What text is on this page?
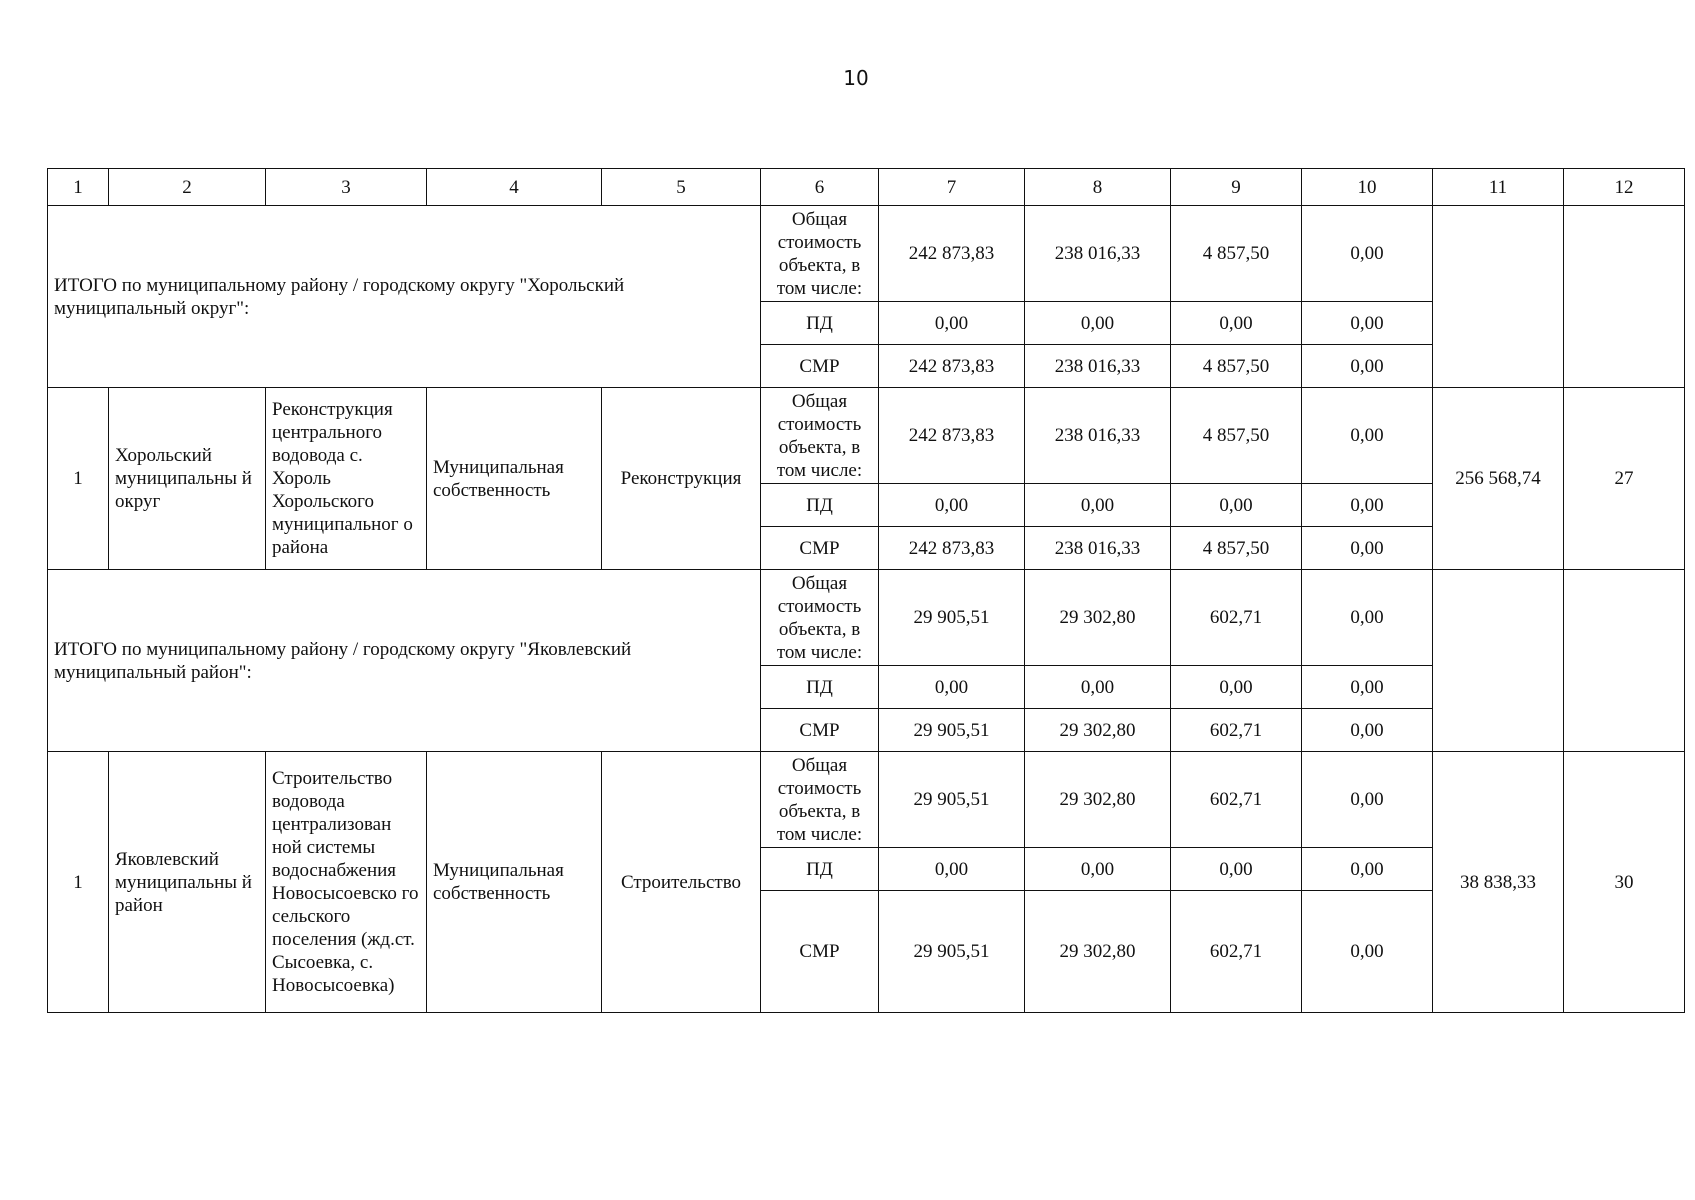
10
1	2	3	4	5	6	7	8	9	10	11	12
ИТОГО по муниципальному району / городскому округу "Хорольский муниципальный округ":					Общая стоимость объекта, в том числе:	242 873,83	238 016,33	4 857,50	0,00		
					ПД	0,00	0,00	0,00	0,00		
					СМР	242 873,83	238 016,33	4 857,50	0,00		
1	Хорольский муниципальны й округ	Реконструкция центрального водовода с. Хороль Хорольского муниципальног о района	Муниципальная собственность	Реконструкция	Общая стоимость объекта, в том числе:	242 873,83	238 016,33	4 857,50	0,00	256 568,74	27
					ПД	0,00	0,00	0,00	0,00		
					СМР	242 873,83	238 016,33	4 857,50	0,00		
ИТОГО по муниципальному району / городскому округу "Яковлевский муниципальный район":					Общая стоимость объекта, в том числе:	29 905,51	29 302,80	602,71	0,00		
					ПД	0,00	0,00	0,00	0,00		
					СМР	29 905,51	29 302,80	602,71	0,00		
1	Яковлевский муниципальны й район	Строительство водовода централизован ной системы водоснабжения Новосысоевско го сельского поселения (жд.ст. Сысоевка, с. Новосысоевка)	Муниципальная собственность	Строительство	Общая стоимость объекта, в том числе:	29 905,51	29 302,80	602,71	0,00	38 838,33	30
					ПД	0,00	0,00	0,00	0,00		
					СМР	29 905,51	29 302,80	602,71	0,00		
